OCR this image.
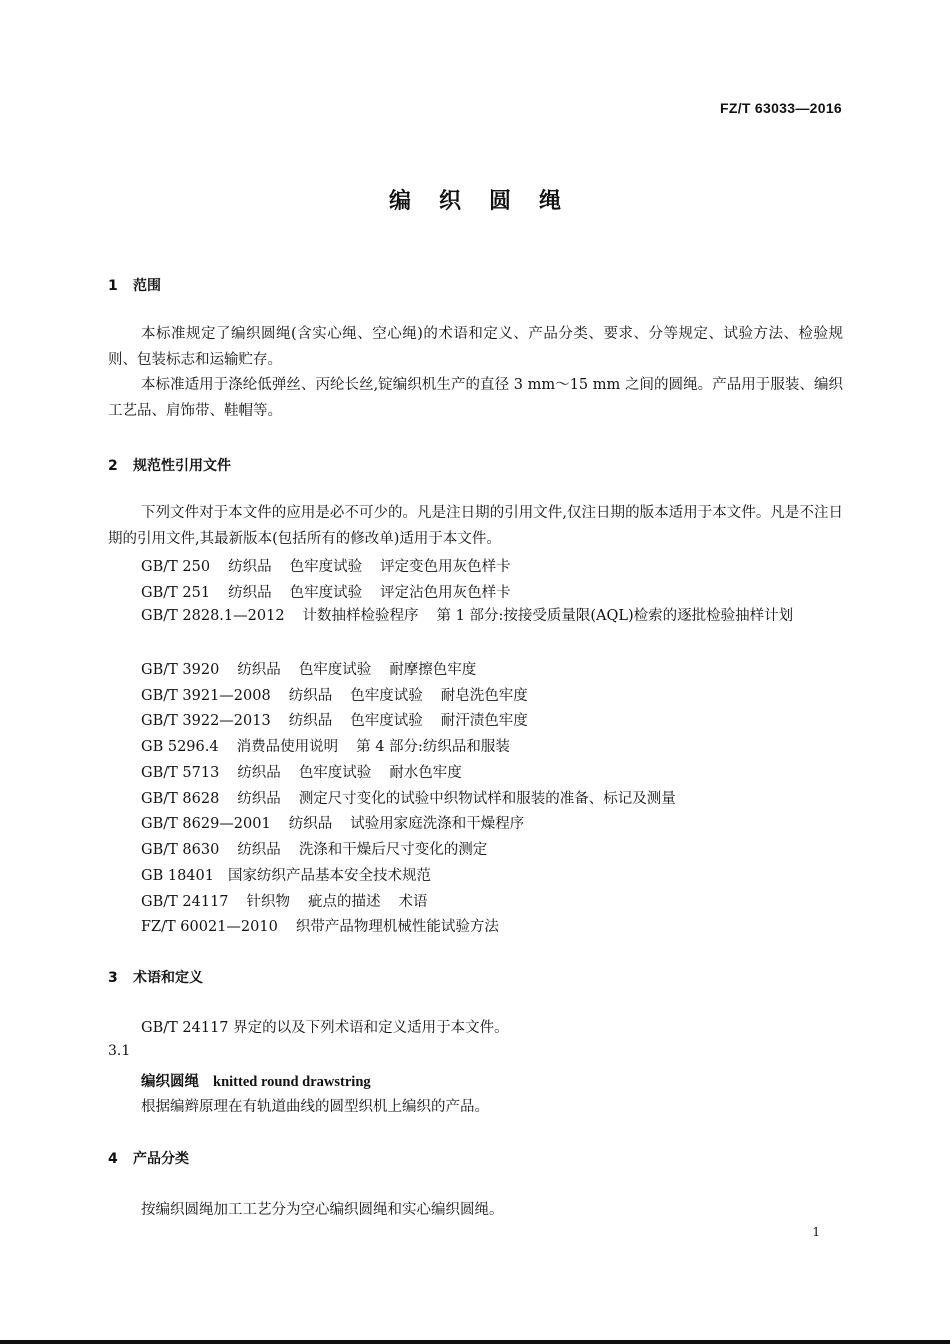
FZ/T 63033—2016
编织圆绳
1 范围
本标准规定了编织圆绳(含实心绳、空心绳)的术语和定义、产品分类、要求、分等规定、试验方法、检验规则、包装标志和运输贮存。
本标准适用于涤纶低弹丝、丙纶长丝,锭编织机生产的直径 3 mm～15 mm 之间的圆绳。产品用于服装、编织工艺品、肩饰带、鞋帽等。
2 规范性引用文件
下列文件对于本文件的应用是必不可少的。凡是注日期的引用文件,仅注日期的版本适用于本文件。凡是不注日期的引用文件,其最新版本(包括所有的修改单)适用于本文件。
GB/T 250 纺织品 色牢度试验 评定变色用灰色样卡
GB/T 251 纺织品 色牢度试验 评定沾色用灰色样卡
GB/T 2828.1—2012 计数抽样检验程序 第 1 部分:按接受质量限(AQL)检索的逐批检验抽样计划
GB/T 3920 纺织品 色牢度试验 耐摩擦色牢度
GB/T 3921—2008 纺织品 色牢度试验 耐皂洗色牢度
GB/T 3922—2013 纺织品 色牢度试验 耐汗渍色牢度
GB 5296.4 消费品使用说明 第 4 部分:纺织品和服装
GB/T 5713 纺织品 色牢度试验 耐水色牢度
GB/T 8628 纺织品 测定尺寸变化的试验中织物试样和服装的准备、标记及测量
GB/T 8629—2001 纺织品 试验用家庭洗涤和干燥程序
GB/T 8630 纺织品 洗涤和干燥后尺寸变化的测定
GB 18401 国家纺织产品基本安全技术规范
GB/T 24117 针织物 疵点的描述 术语
FZ/T 60021—2010 织带产品物理机械性能试验方法
3 术语和定义
GB/T 24117 界定的以及下列术语和定义适用于本文件。
3.1
编织圆绳 knitted round drawstring
根据编辫原理在有轨道曲线的圆型织机上编织的产品。
4 产品分类
按编织圆绳加工工艺分为空心编织圆绳和实心编织圆绳。
1
